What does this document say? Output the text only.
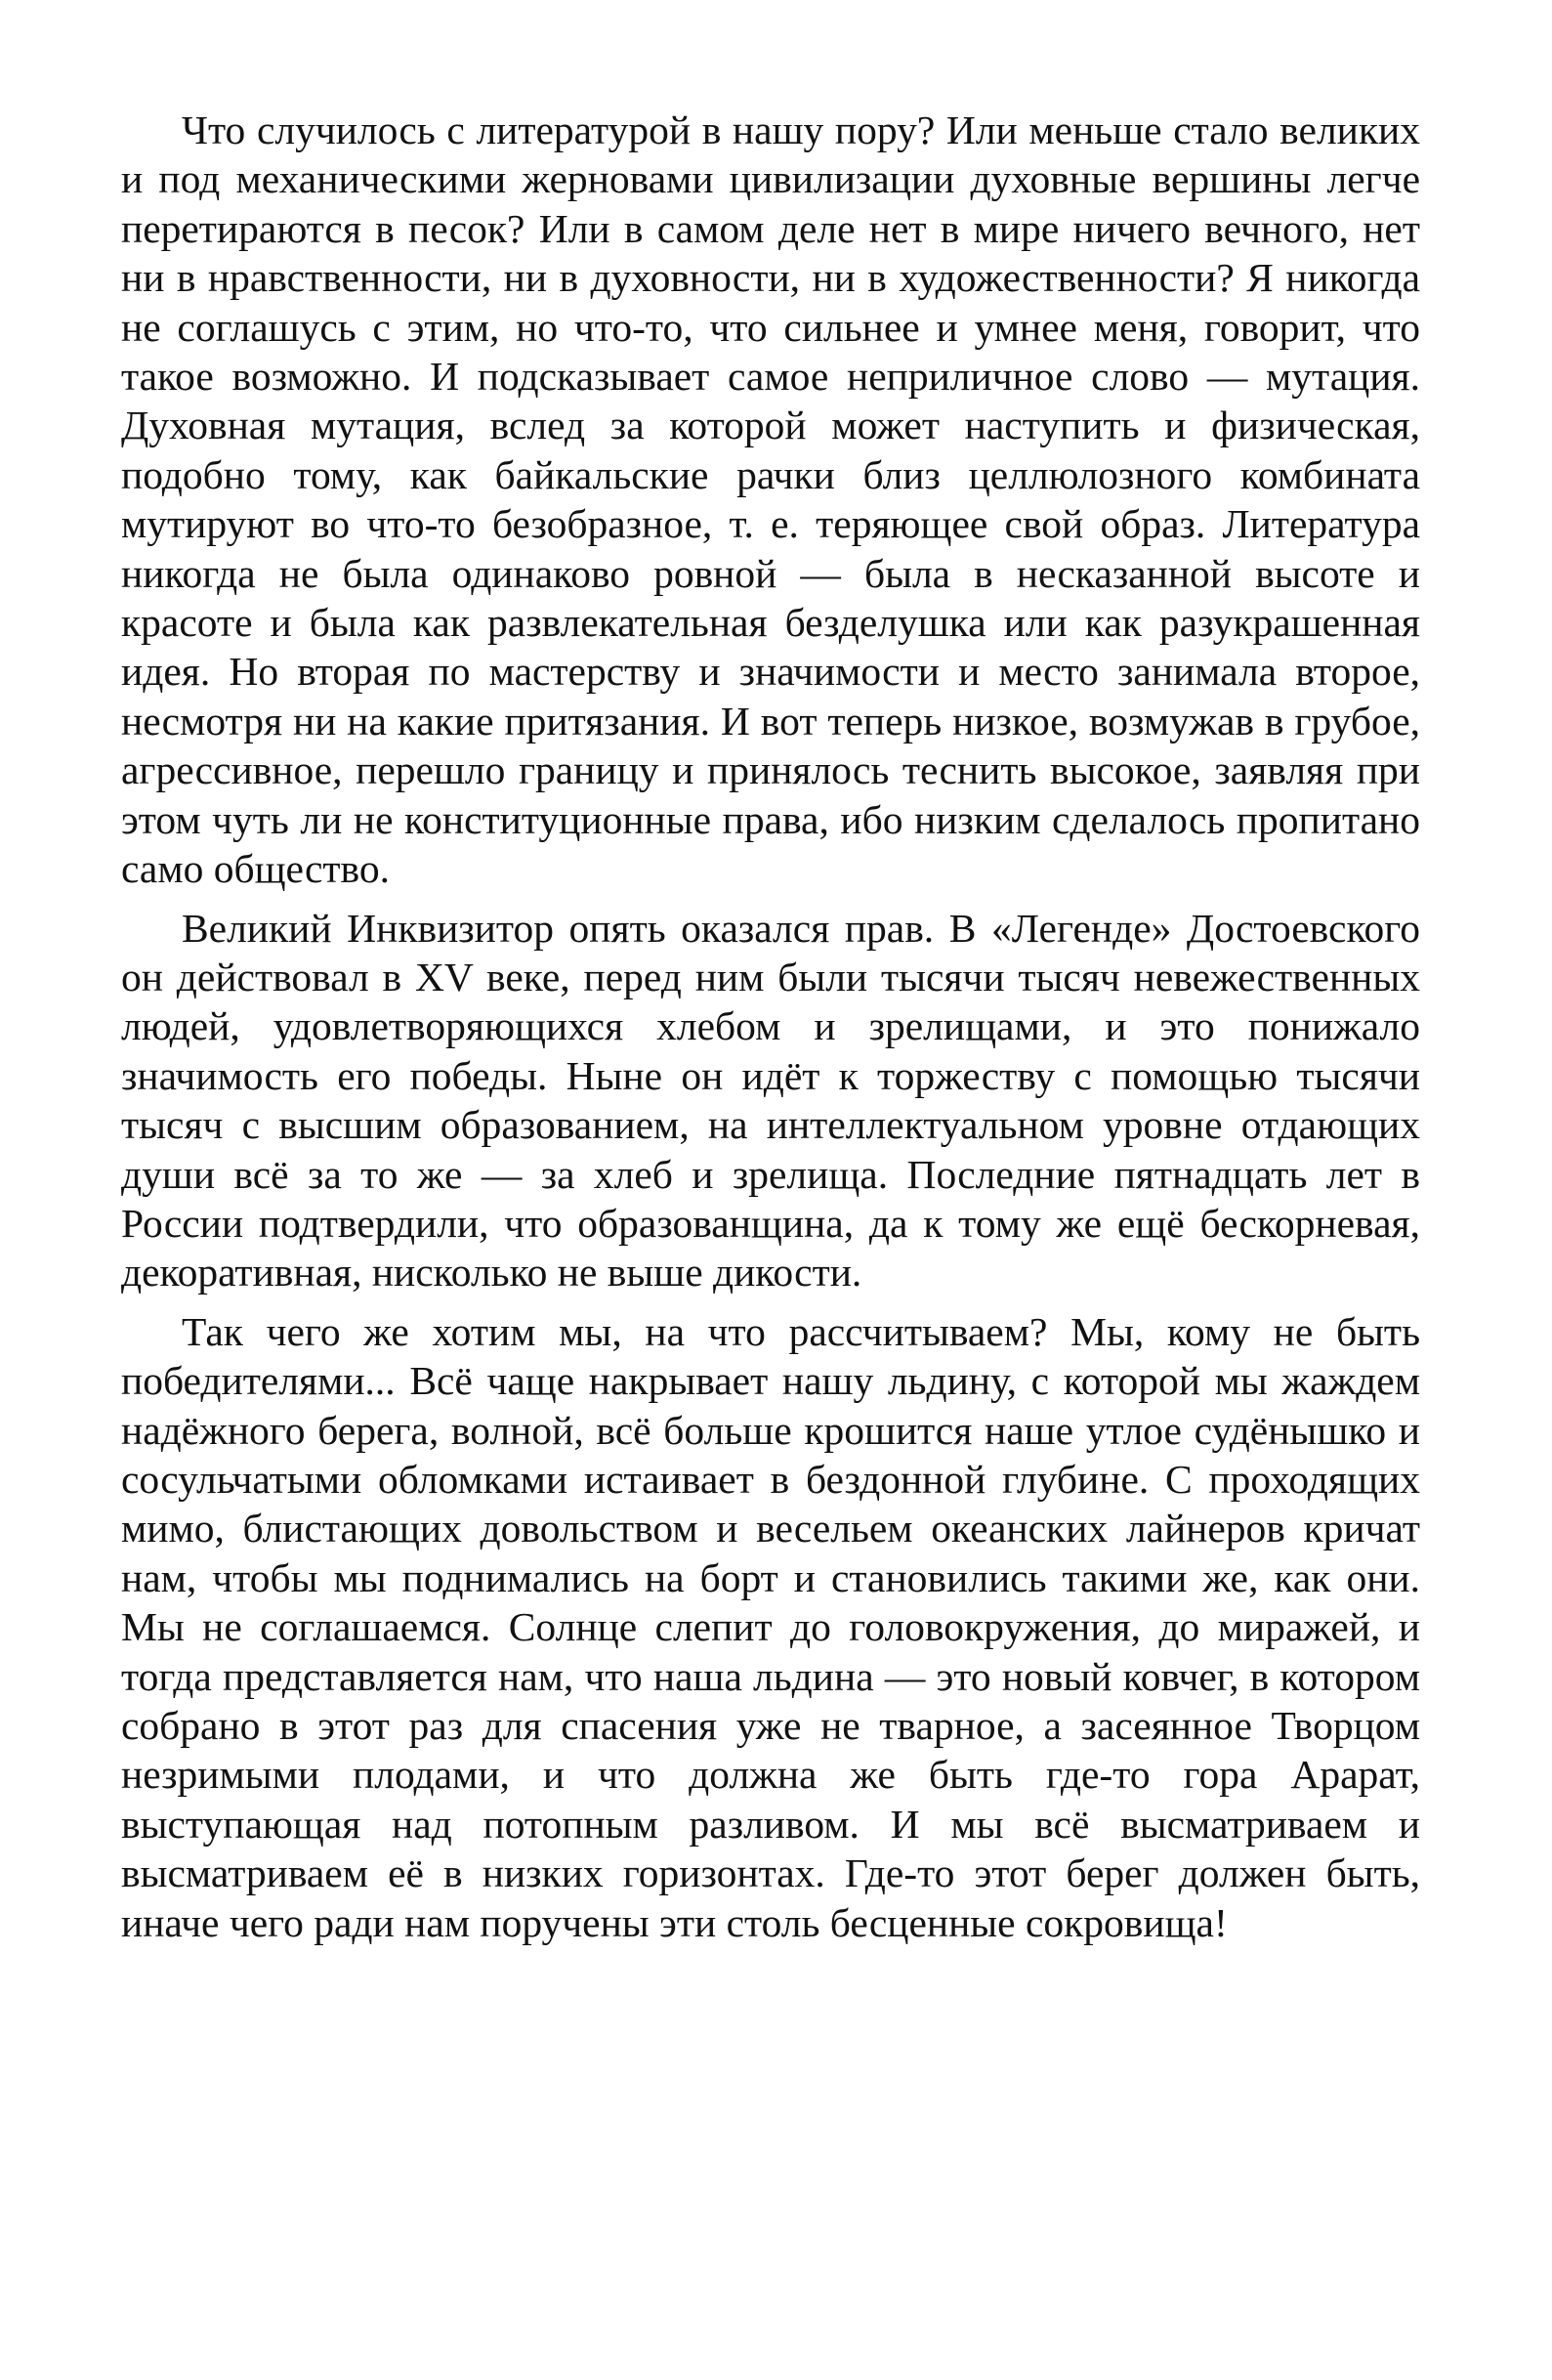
Что случилось с литературой в нашу пору? Или меньше стало великих и под механическими жерновами цивилизации духовные вершины легче перетираются в песок? Или в самом деле нет в мире ничего вечного, нет ни в нравственности, ни в духовности, ни в художественности? Я никогда не соглашусь с этим, но что-то, что сильнее и умнее меня, говорит, что такое возможно. И подсказывает самое неприличное слово — мутация. Духовная мутация, вслед за которой может наступить и физическая, подобно тому, как байкальские рачки близ целлюлозного комбината мутируют во что-то безобразное, т. е. теряющее свой образ. Литература никогда не была одинаково ровной — была в несказанной высоте и красоте и была как развлекательная безделушка или как разукрашенная идея. Но вторая по мастерству и значимости и место занимала второе, несмотря ни на какие притязания. И вот теперь низкое, возмужав в грубое, агрессивное, перешло границу и принялось теснить высокое, заявляя при этом чуть ли не конституционные права, ибо низким сделалось пропитано само общество.

Великий Инквизитор опять оказался прав. В «Легенде» Достоевского он действовал в XV веке, перед ним были тысячи тысяч невежественных людей, удовлетворяющихся хлебом и зрелищами, и это понижало значимость его победы. Ныне он идёт к торжеству с помощью тысячи тысяч с высшим образованием, на интеллектуальном уровне отдающих души всё за то же — за хлеб и зрелища. Последние пятнадцать лет в России подтвердили, что образованщина, да к тому же ещё бескорневая, декоративная, нисколько не выше дикости.

Так чего же хотим мы, на что рассчитываем? Мы, кому не быть победителями... Всё чаще накрывает нашу льдину, с которой мы жаждем надёжного берега, волной, всё больше крошится наше утлое судёнышко и сосульчатыми обломками истаивает в бездонной глубине. С проходящих мимо, блистающих довольством и весельем океанских лайнеров кричат нам, чтобы мы поднимались на борт и становились такими же, как они. Мы не соглашаемся. Солнце слепит до головокружения, до миражей, и тогда представляется нам, что наша льдина — это новый ковчег, в котором собрано в этот раз для спасения уже не тварное, а засеянное Творцом незримыми плодами, и что должна же быть где-то гора Арарат, выступающая над потопным разливом. И мы всё высматриваем и высматриваем её в низких горизонтах. Где-то этот берег должен быть, иначе чего ради нам поручены эти столь бесценные сокровища!
